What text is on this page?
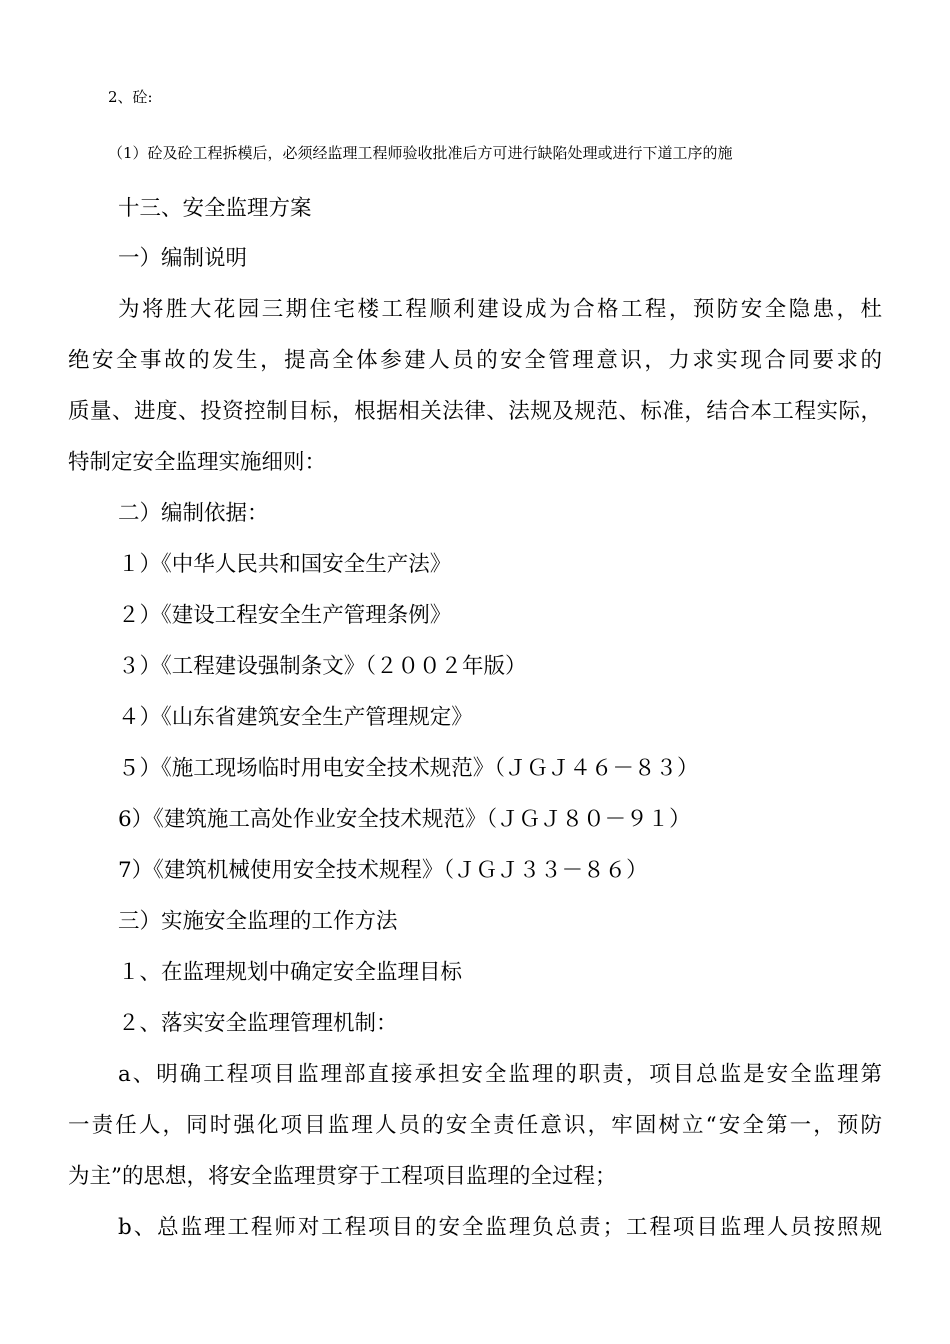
2、砼:
（1）砼及砼工程拆模后，必须经监理工程师验收批准后方可进行缺陷处理或进行下道工序的施
十三、安全监理方案
一）编制说明
为将胜大花园三期住宅楼工程顺利建设成为合格工程，预防安全隐患，杜
绝安全事故的发生，提高全体参建人员的安全管理意识，力求实现合同要求的
质量、进度、投资控制目标，根据相关法律、法规及规范、标准，结合本工程实际，
特制定安全监理实施细则：
二）编制依据：
１）《中华人民共和国安全生产法》
２）《建设工程安全生产管理条例》
３）《工程建设强制条文》（２００２年版）
４）《山东省建筑安全生产管理规定》
５）《施工现场临时用电安全技术规范》（ＪＧＪ４６－８３）
6）《建筑施工高处作业安全技术规范》（ＪＧＪ８０－９１）
7）《建筑机械使用安全技术规程》（ＪＧＪ３３－８６）
三）实施安全监理的工作方法
１、在监理规划中确定安全监理目标
２、落实安全监理管理机制：
a、明确工程项目监理部直接承担安全监理的职责，项目总监是安全监理第
一责任人，同时强化项目监理人员的安全责任意识，牢固树立“安全第一，预防
为主”的思想，将安全监理贯穿于工程项目监理的全过程；
b、总监理工程师对工程项目的安全监理负总责；工程项目监理人员按照规
